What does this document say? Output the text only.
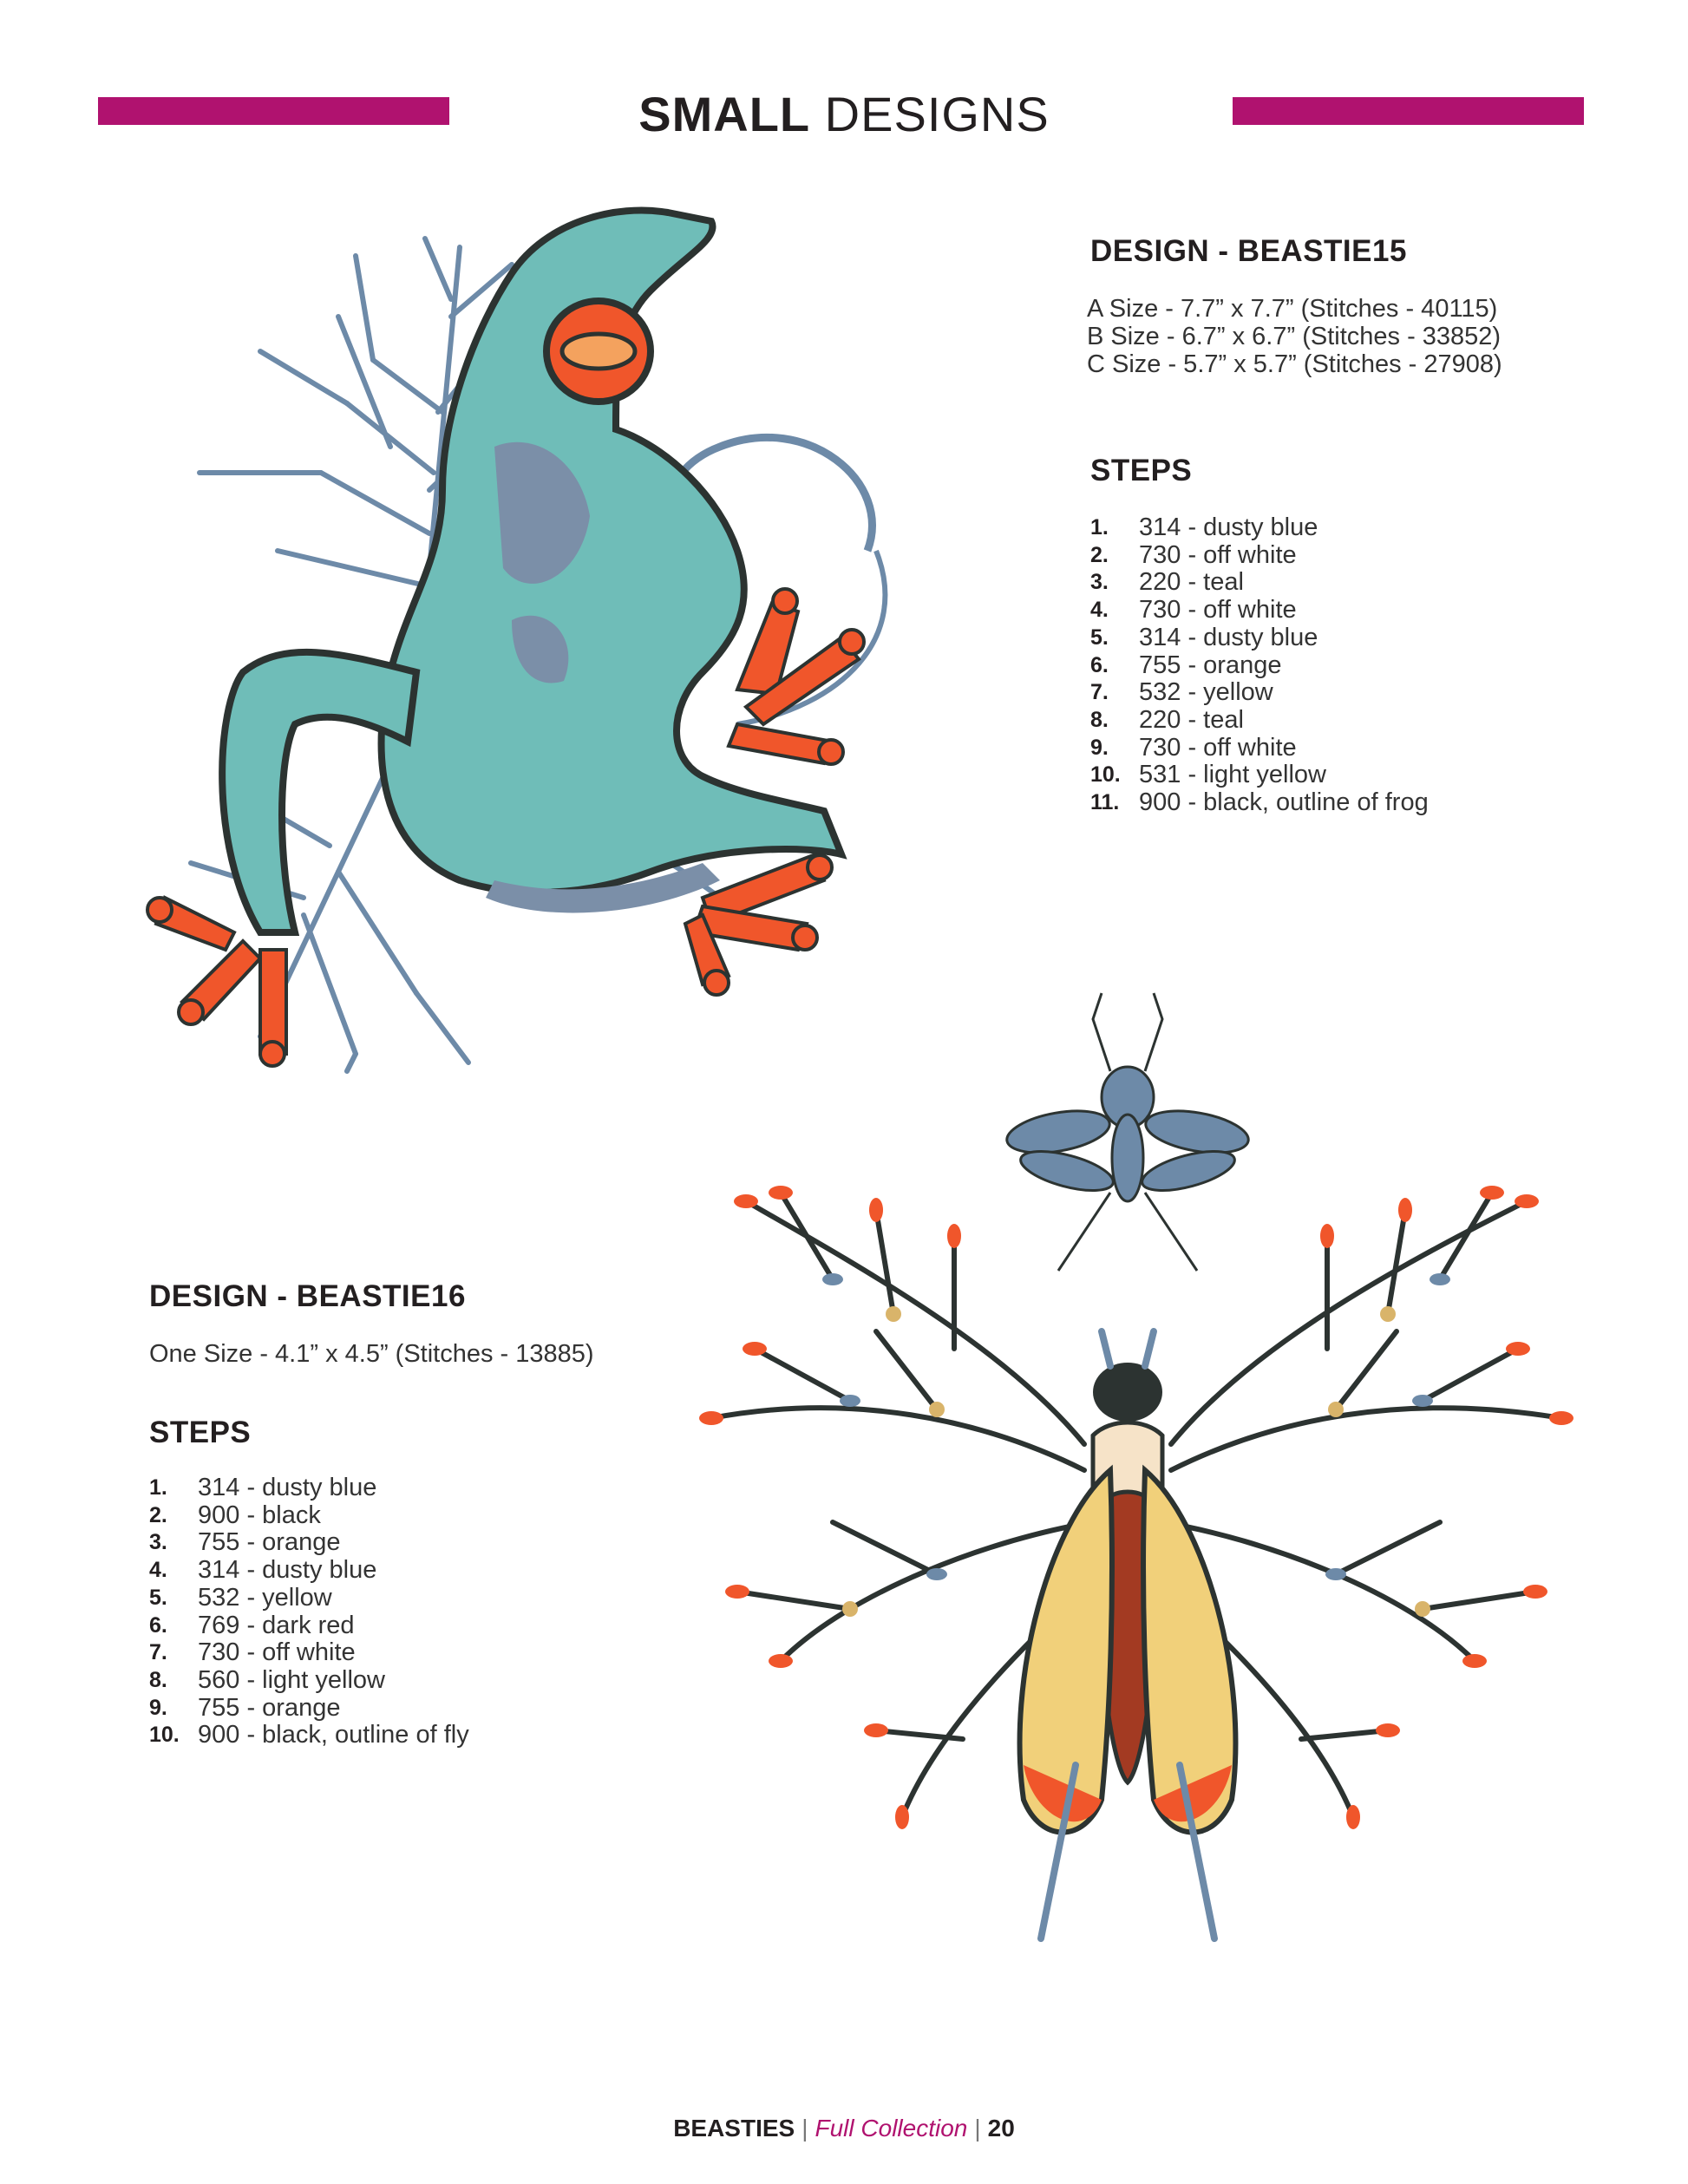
SMALL DESIGNS
DESIGN - BEASTIE15
A Size - 7.7” x 7.7” (Stitches - 40115)
B Size - 6.7” x 6.7” (Stitches - 33852)
C Size - 5.7” x 5.7” (Stitches - 27908)
STEPS
1.	314 - dusty blue
2.	730 - off white
3.	220 - teal
4.	730 - off white
5.	314 - dusty blue
6.	755 - orange
7.	532 - yellow
8.	220 - teal
9.	730 - off white
10. 531 - light yellow
11. 900 - black, outline of frog
DESIGN - BEASTIE16
One Size - 4.1” x 4.5” (Stitches - 13885)
STEPS
1.	314 - dusty blue
2.	900 - black
3.	755 - orange
4.	314 - dusty blue
5.	532 - yellow
6.	769 - dark red
7.	730 - off white
8.	560 - light yellow
9.	755 - orange
10. 900 - black, outline of fly
BEASTIES | Full Collection | 20
